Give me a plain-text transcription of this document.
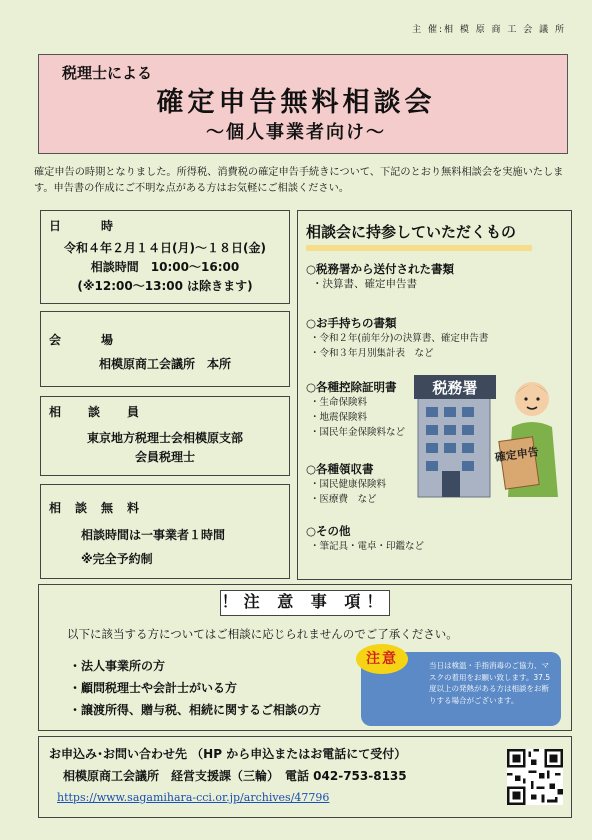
主 催:相 模 原 商 工 会 議 所
税理士による
確定申告無料相談会
〜個人事業者向け〜
確定申告の時期となりました。所得税、消費税の確定申告手続きについて、下記のとおり無料相談会を実施いたします。申告書の作成にご不明な点がある方はお気軽にご相談ください。
日　　　時
令和４年２月１４日(月)〜１８日(金)
相談時間　10:00〜16:00
(※12:00〜13:00 は除きます)
会　　　場
相模原商工会議所　本所
相　　談　　員
東京地方税理士会相模原支部
会員税理士
相　談　無　料
相談時間は一事業者１時間
※完全予約制
相談会に持参していただくもの
○税務署から送付された書類
・決算書、確定申告書
○お手持ちの書類
・令和２年(前年分)の決算書、確定申告書
・令和３年月別集計表　など
○各種控除証明書
・生命保険料
・地震保険料
・国民年金保険料など
○各種領収書
・国民健康保険料
・医療費　など
○その他
・筆記具・電卓・印鑑など
税務署
確定申告
！注 意 事 項！
以下に該当する方についてはご相談に応じられませんのでご了承ください。
・法人事業所の方
・顧問税理士や会計士がいる方
・譲渡所得、贈与税、相続に関するご相談の方
当日は検温・手指消毒のご協力、マスクの着用をお願い致します。37.5 度以上の発熱がある方は相談をお断りする場合がございます。
注意
お申込み･お問い合わせ先 （HP から申込またはお電話にて受付）
相模原商工会議所　経営支援課（三輪）　電話 042-753-8135
https://www.sagamihara-cci.or.jp/archives/47796
